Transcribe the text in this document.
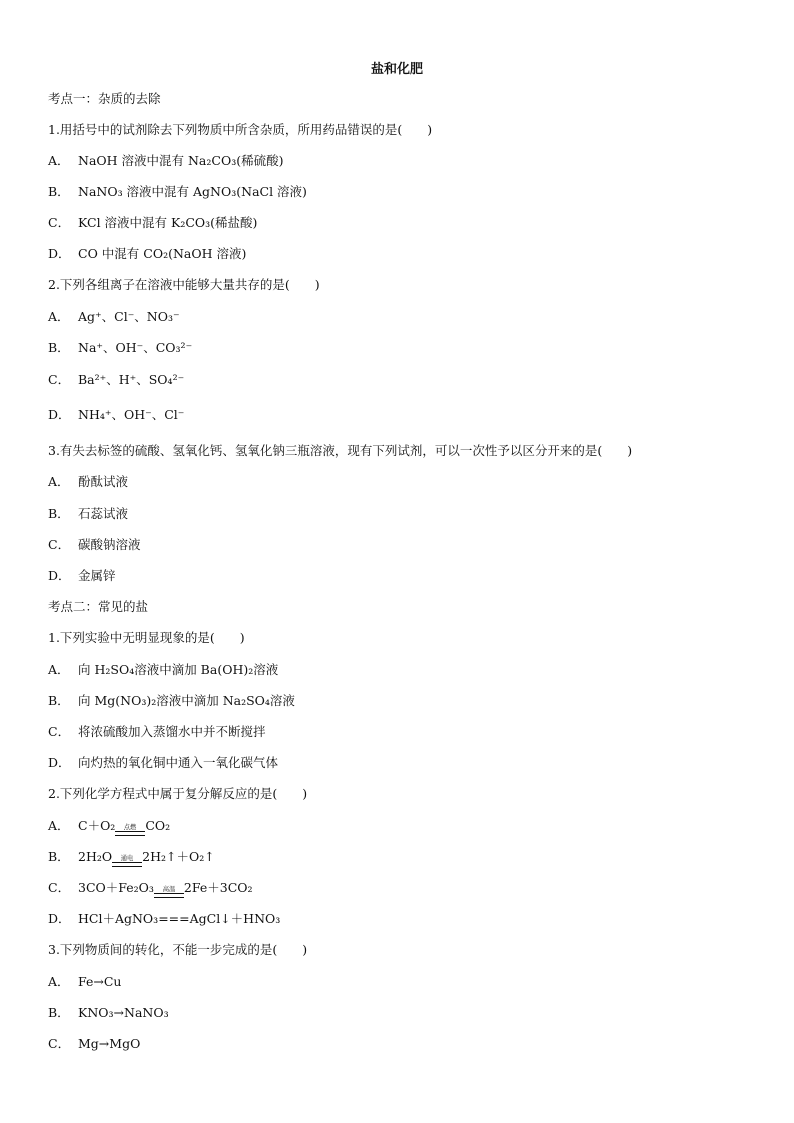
盐和化肥
考点一：杂质的去除
1.用括号中的试剂除去下列物质中所含杂质，所用药品错误的是(　　)
A． NaOH 溶液中混有 Na₂CO₃(稀硫酸)
B． NaNO₃ 溶液中混有 AgNO₃(NaCl 溶液)
C． KCl 溶液中混有 K₂CO₃(稀盐酸)
D． CO 中混有 CO₂(NaOH 溶液)
2.下列各组离子在溶液中能够大量共存的是(　　)
A． Ag⁺、Cl⁻、NO₃⁻
B． Na⁺、OH⁻、CO₃²⁻
C． Ba²⁺、H⁺、SO₄²⁻
D． NH₄⁺、OH⁻、Cl⁻
3.有失去标签的硫酸、氢氧化钙、氢氧化钠三瓶溶液，现有下列试剂，可以一次性予以区分开来的是(　　)
A． 酚酞试液
B． 石蕊试液
C． 碳酸钠溶液
D． 金属锌
考点二：常见的盐
1.下列实验中无明显现象的是(　　)
A． 向 H₂SO₄溶液中滴加 Ba(OH)₂溶液
B． 向 Mg(NO₃)₂溶液中滴加 Na₂SO₄溶液
C． 将浓硫酸加入蒸馏水中并不断搅拌
D． 向灼热的氧化铜中通入一氧化碳气体
2.下列化学方程式中属于复分解反应的是(　　)
A． C＋O₂	点燃 CO₂
B． 2H₂O	通电 2H₂↑＋O₂↑
C． 3CO＋Fe₂O₃	高温 2Fe＋3CO₂
D． HCl＋AgNO₃===AgCl↓＋HNO₃
3.下列物质间的转化，不能一步完成的是(　　)
A． Fe→Cu
B． KNO₃→NaNO₃
C． Mg→MgO
